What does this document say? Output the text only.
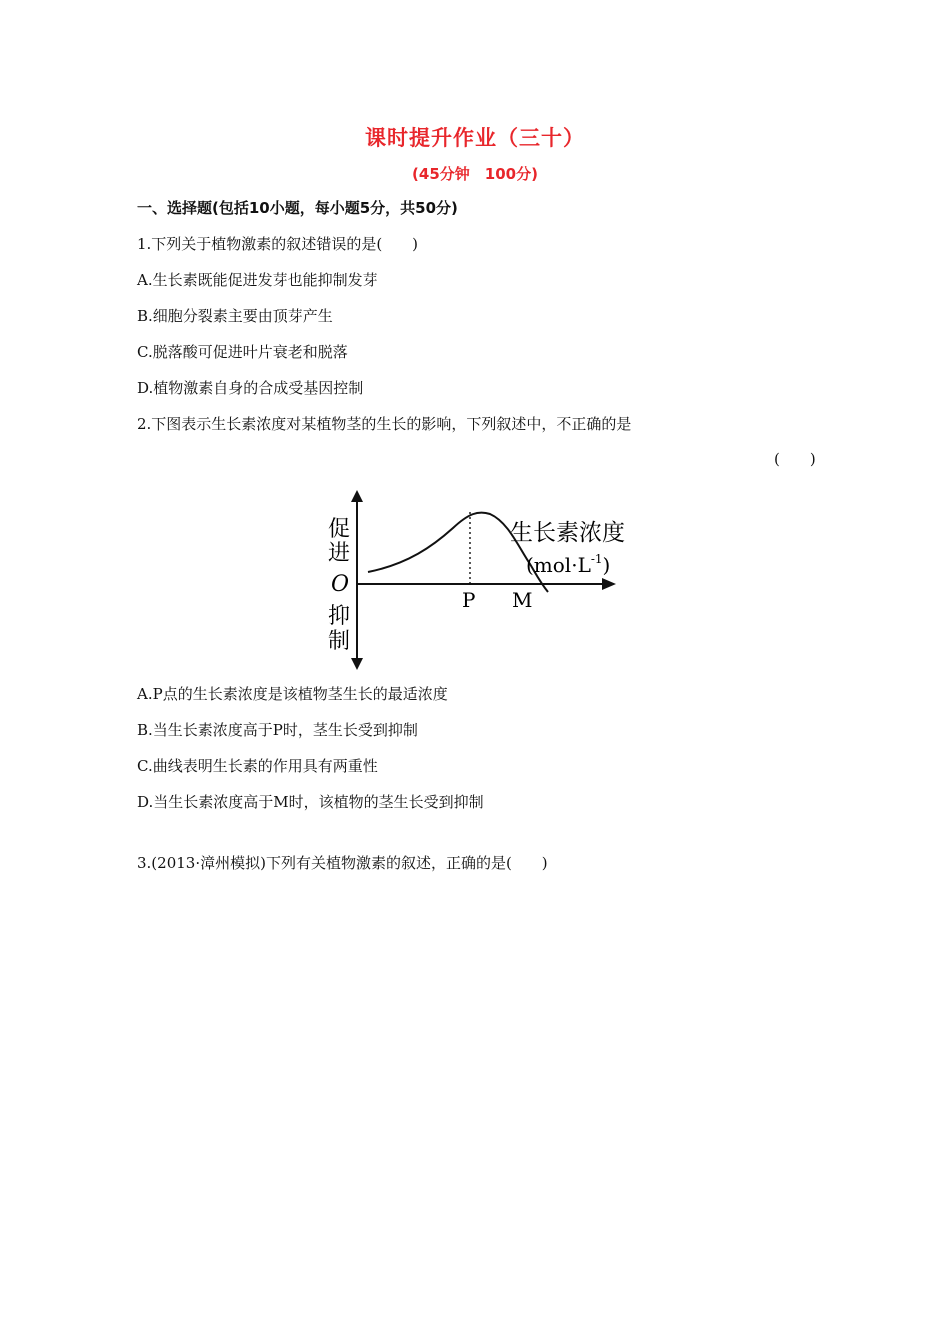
课时提升作业（三十）
(45分钟　100分)
一、选择题(包括10小题，每小题5分，共50分)
1.下列关于植物激素的叙述错误的是(　　)
A.生长素既能促进发芽也能抑制发芽
B.细胞分裂素主要由顶芽产生
C.脱落酸可促进叶片衰老和脱落
D.植物激素自身的合成受基因控制
2.下图表示生长素浓度对某植物茎的生长的影响，下列叙述中，不正确的是
(　　)
促
进
O
抑
制
生长素浓度
$(mol\cdot L^{-1})$
P M
A.P点的生长素浓度是该植物茎生长的最适浓度
B.当生长素浓度高于P时，茎生长受到抑制
C.曲线表明生长素的作用具有两重性
D.当生长素浓度高于M时，该植物的茎生长受到抑制
3.(2013·漳州模拟)下列有关植物激素的叙述，正确的是(　　)
